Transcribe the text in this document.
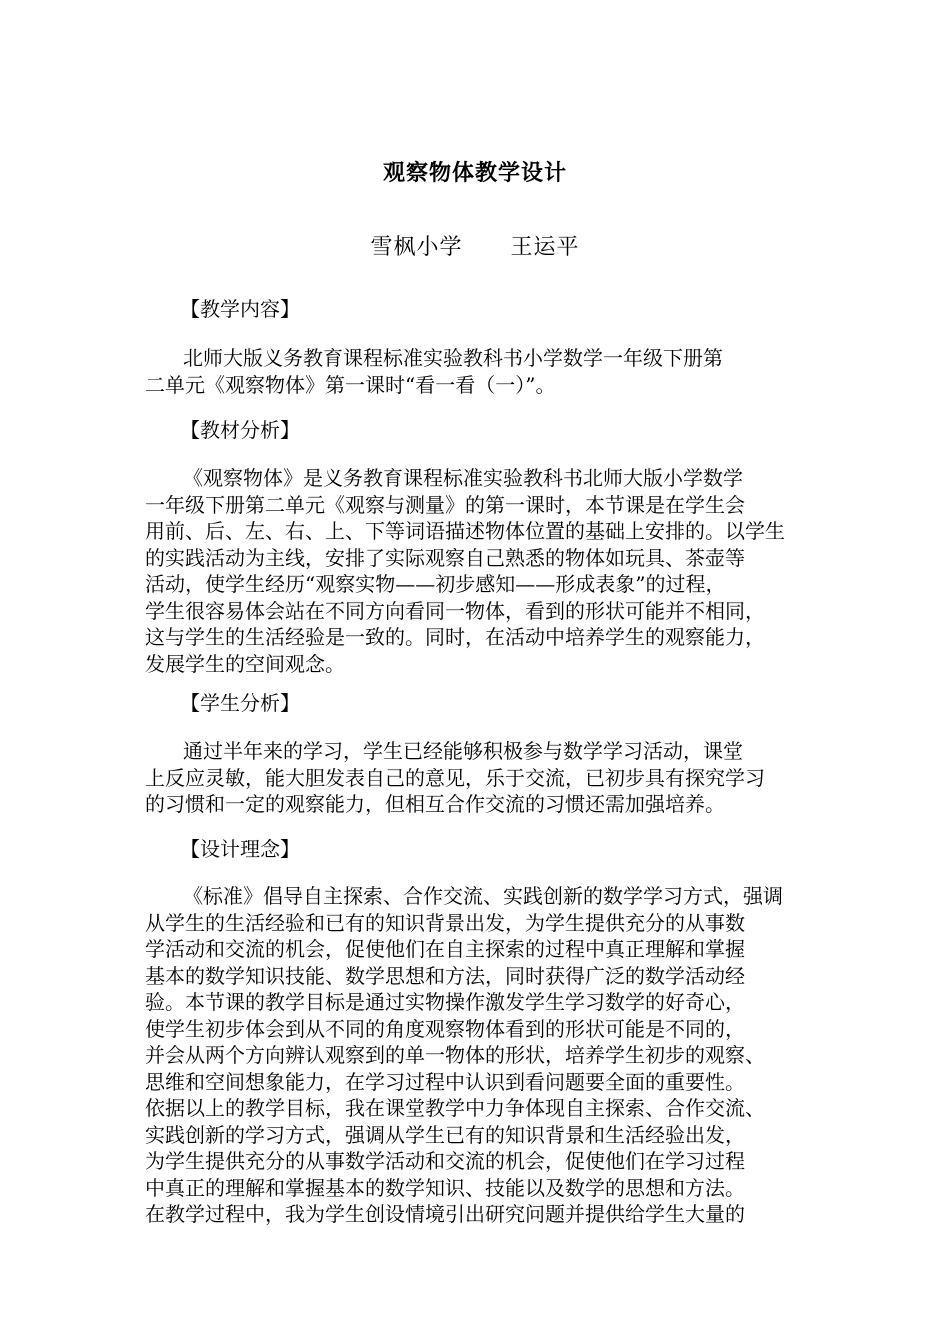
观察物体教学设计
雪枫小学      王运平
【教学内容】
北师大版义务教育课程标准实验教科书小学数学一年级下册第
二单元《观察物体》第一课时“看一看（一）”。
【教材分析】
《观察物体》是义务教育课程标准实验教科书北师大版小学数学
一年级下册第二单元《观察与测量》的第一课时，本节课是在学生会
用前、后、左、右、上、下等词语描述物体位置的基础上安排的。以学生
的实践活动为主线，安排了实际观察自己熟悉的物体如玩具、茶壶等
活动，使学生经历“观察实物——初步感知——形成表象”的过程，
学生很容易体会站在不同方向看同一物体，看到的形状可能并不相同，
这与学生的生活经验是一致的。同时，在活动中培养学生的观察能力，
发展学生的空间观念。
【学生分析】
通过半年来的学习，学生已经能够积极参与数学学习活动，课堂
上反应灵敏，能大胆发表自己的意见，乐于交流，已初步具有探究学习
的习惯和一定的观察能力，但相互合作交流的习惯还需加强培养。
【设计理念】
《标准》倡导自主探索、合作交流、实践创新的数学学习方式，强调
从学生的生活经验和已有的知识背景出发，为学生提供充分的从事数
学活动和交流的机会，促使他们在自主探索的过程中真正理解和掌握
基本的数学知识技能、数学思想和方法，同时获得广泛的数学活动经
验。本节课的教学目标是通过实物操作激发学生学习数学的好奇心，
使学生初步体会到从不同的角度观察物体看到的形状可能是不同的，
并会从两个方向辨认观察到的单一物体的形状，培养学生初步的观察、
思维和空间想象能力，在学习过程中认识到看问题要全面的重要性。
依据以上的教学目标，我在课堂教学中力争体现自主探索、合作交流、
实践创新的学习方式，强调从学生已有的知识背景和生活经验出发，
为学生提供充分的从事数学活动和交流的机会，促使他们在学习过程
中真正的理解和掌握基本的数学知识、技能以及数学的思想和方法。
在教学过程中，我为学生创设情境引出研究问题并提供给学生大量的
